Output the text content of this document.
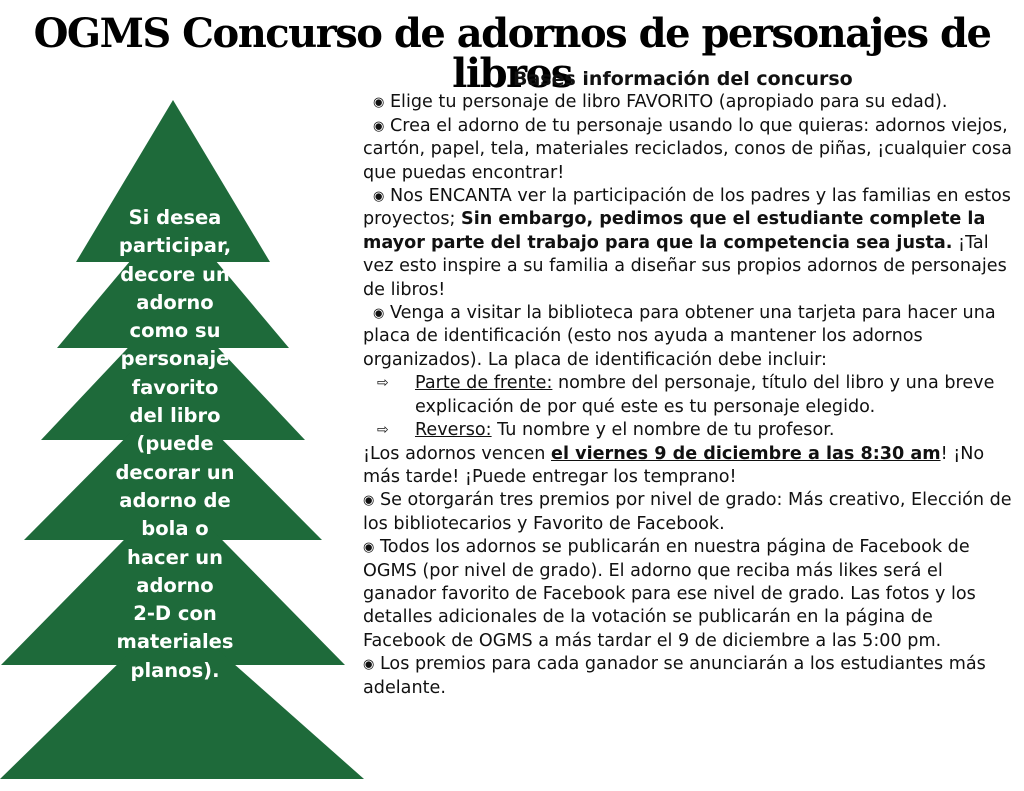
OGMS Concurso de adornos de personajes de libros
Si desea
participar,
decore un
adorno
como su
personaje
favorito
del libro
(puede
decorar un
adorno de
bola o
hacer un
adorno
2-D con
materiales
planos).

Bases información del concurso

◉ Elige tu personaje de libro FAVORITO (apropiado para su edad).

◉ Crea el adorno de tu personaje usando lo que quieras: adornos viejos, cartón, papel, tela, materiales reciclados, conos de piñas, ¡cualquier cosa que puedas encontrar!

◉ Nos ENCANTA ver la participación de los padres y las familias en estos proyectos; Sin embargo, pedimos que el estudiante complete la mayor parte del trabajo para que la competencia sea justa. ¡Tal vez esto inspire a su familia a diseñar sus propios adornos de personajes de libros!

◉ Venga a visitar la biblioteca para obtener una tarjeta para hacer una placa de identificación (esto nos ayuda a mantener los adornos organizados). La placa de identificación debe incluir:

⇨	Parte de frente: nombre del personaje, título del libro y una breve explicación de por qué este es tu personaje elegido.
⇨	Reverso: Tu nombre y el nombre de tu profesor.

¡Los adornos vencen el viernes 9 de diciembre a las 8:30 am! ¡No más tarde! ¡Puede entregar los temprano!

◉ Se otorgarán tres premios por nivel de grado: Más creativo, Elección de los bibliotecarios y Favorito de Facebook.

◉ Todos los adornos se publicarán en nuestra página de Facebook de OGMS (por nivel de grado). El adorno que reciba más likes será el ganador favorito de Facebook para ese nivel de grado. Las fotos y los detalles adicionales de la votación se publicarán en la página de Facebook de OGMS a más tardar el 9 de diciembre a las 5:00 pm.

◉ Los premios para cada ganador se anunciarán a los estudiantes más adelante.
